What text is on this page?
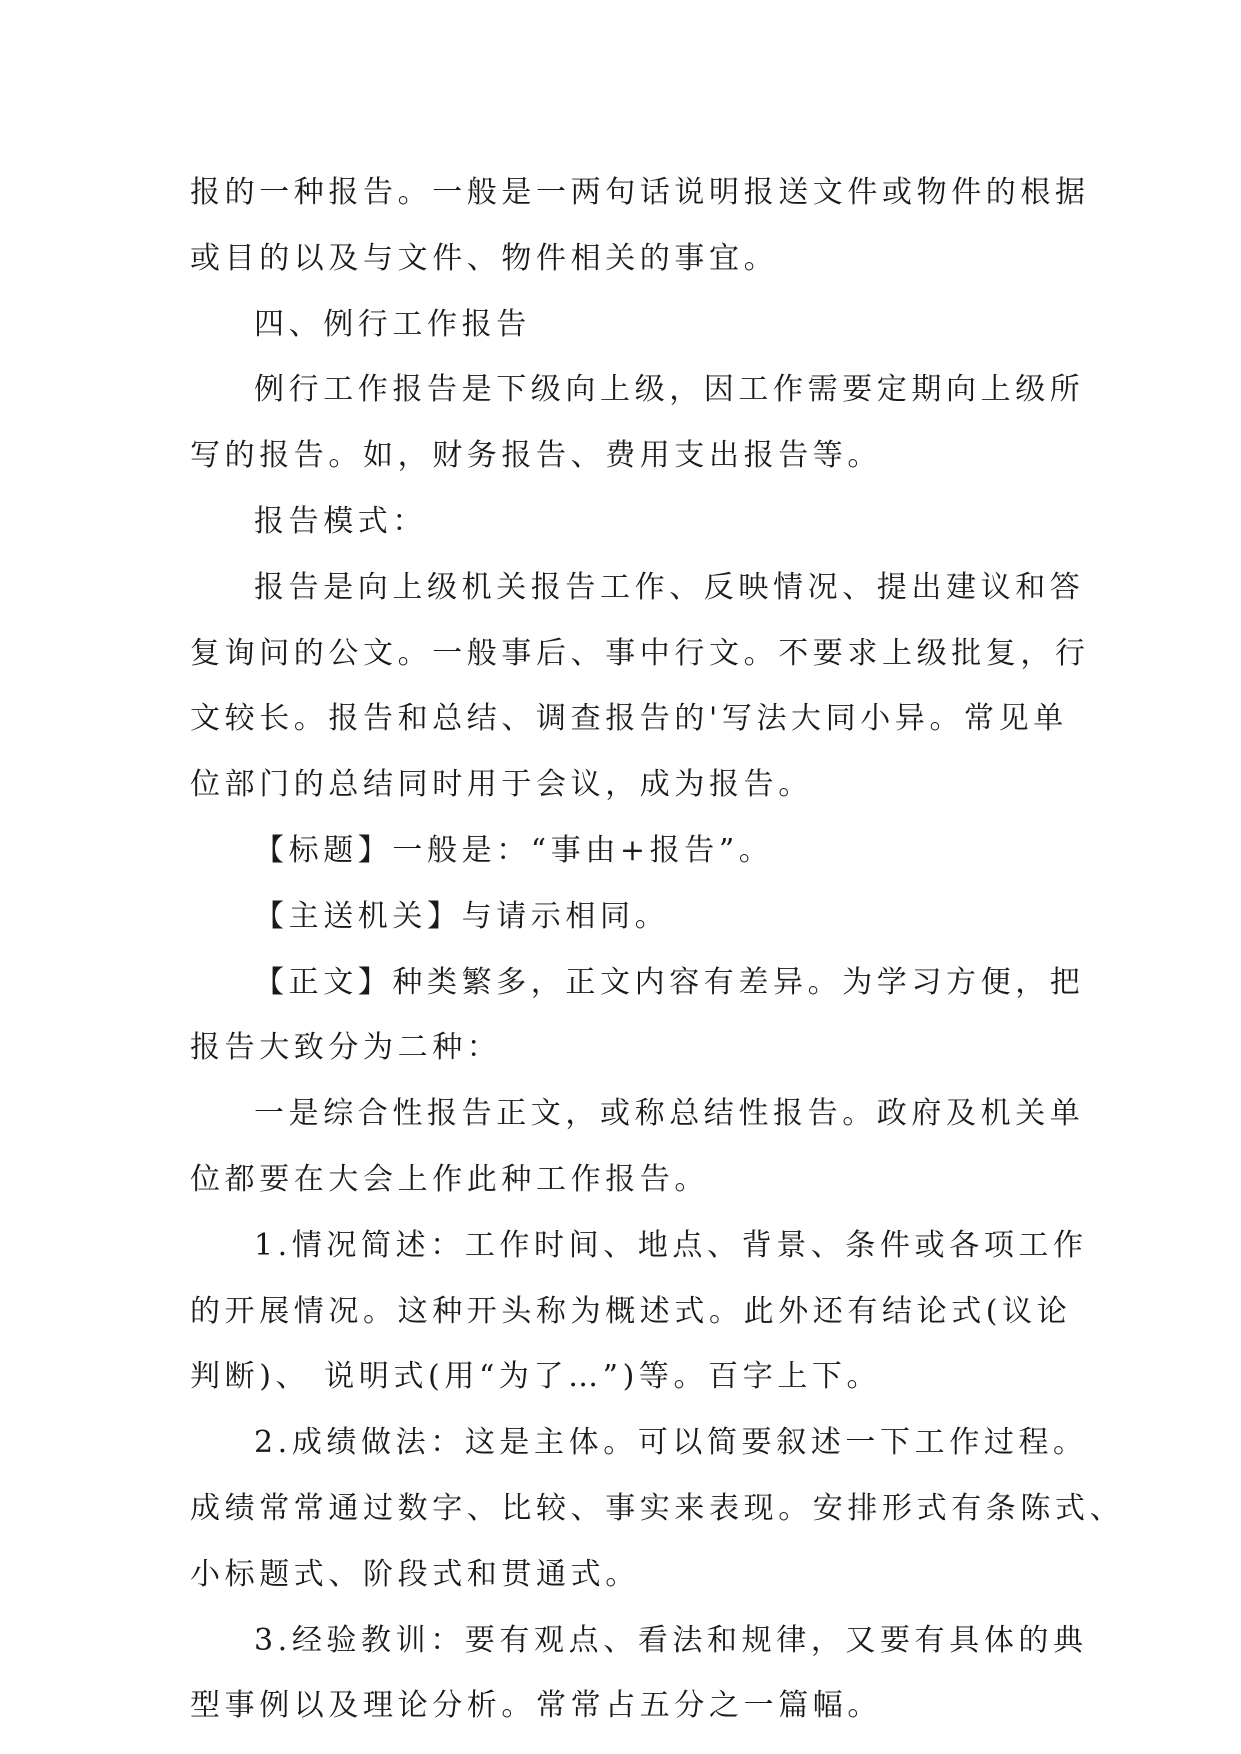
报的一种报告。一般是一两句话说明报送文件或物件的根据
或目的以及与文件、物件相关的事宜。
四、例行工作报告
例行工作报告是下级向上级，因工作需要定期向上级所
写的报告。如，财务报告、费用支出报告等。
报告模式：
报告是向上级机关报告工作、反映情况、提出建议和答
复询问的公文。一般事后、事中行文。不要求上级批复，行
文较长。报告和总结、调查报告的'写法大同小异。常见单
位部门的总结同时用于会议，成为报告。
【标题】一般是：“事由+报告”。
【主送机关】与请示相同。
【正文】种类繁多，正文内容有差异。为学习方便，把
报告大致分为二种：
一是综合性报告正文，或称总结性报告。政府及机关单
位都要在大会上作此种工作报告。
1.情况简述：工作时间、地点、背景、条件或各项工作
的开展情况。这种开头称为概述式。此外还有结论式(议论
判断)、 说明式(用“为了…”)等。百字上下。
2.成绩做法：这是主体。可以简要叙述一下工作过程。
成绩常常通过数字、比较、事实来表现。安排形式有条陈式、
小标题式、阶段式和贯通式。
3.经验教训：要有观点、看法和规律，又要有具体的典
型事例以及理论分析。常常占五分之一篇幅。
